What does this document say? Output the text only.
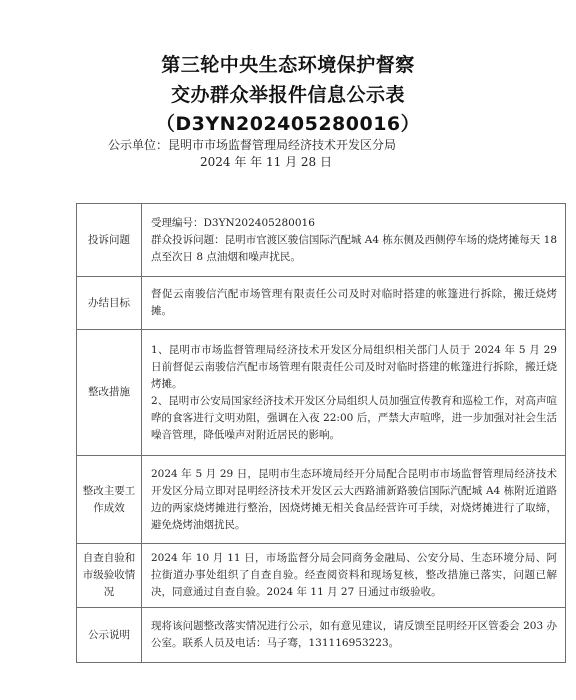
第三轮中央生态环境保护督察
交办群众举报件信息公示表
（D3YN202405280016）
公示单位：昆明市市场监督管理局经济技术开发区分局
2024 年 年 11 月 28 日
投诉问题	受理编号：D3YN202405280016
群众投诉问题：昆明市官渡区骏信国际汽配城 A4 栋东侧及西侧停车场的烧烤摊每天 18 点至次日 8 点油烟和噪声扰民。

办结目标	督促云南骏信汽配市场管理有限责任公司及时对临时搭建的帐篷进行拆除，搬迁烧烤摊。

整改措施	1、昆明市市场监督管理局经济技术开发区分局组织相关部门人员于 2024 年 5 月 29 日前督促云南骏信汽配市场管理有限责任公司及时对临时搭建的帐篷进行拆除，搬迁烧烤摊。
2、昆明市公安局国家经济技术开发区分局组织人员加强宣传教育和巡检工作，对高声喧哗的食客进行文明劝阻，强调在入夜 22:00 后，严禁大声喧哗，进一步加强对社会生活噪音管理，降低噪声对附近居民的影响。

整改主要工作成效	2024 年 5 月 29 日，昆明市生态环境局经开分局配合昆明市市场监督管理局经济技术开发区分局立即对昆明经济技术开发区云大西路浦新路骏信国际汽配城 A4 栋附近道路边的两家烧烤摊进行整治，因烧烤摊无相关食品经营许可手续，对烧烤摊进行了取缔，避免烧烤油烟扰民。

自查自验和市级验收情况	2024 年 10 月 11 日，市场监督分局会同商务金融局、公安分局、生态环境分局、阿拉街道办事处组织了自查自验。经查阅资料和现场复核，整改措施已落实，问题已解决，同意通过自查自验。2024 年 11 月 27 日通过市级验收。

公示说明	现将该问题整改落实情况进行公示，如有意见建议，请反馈至昆明经开区管委会 203 办公室。联系人员及电话：马子骞，131116953223。
